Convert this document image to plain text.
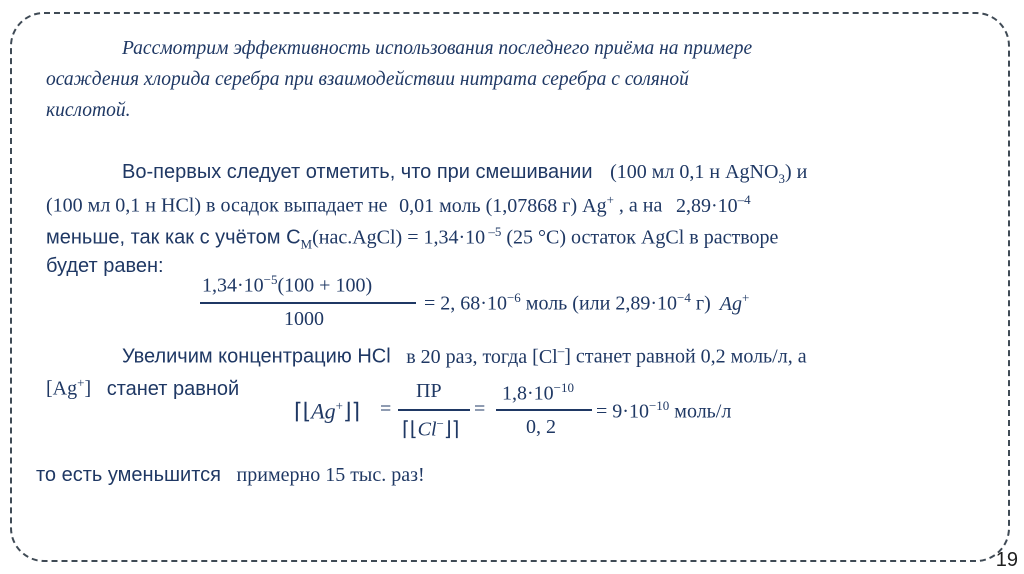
Рассмотрим эффективность использования последнего приёма на примере
осаждения хлорида серебра при взаимодействии нитрата серебра с соляной
кислотой.
Во-первых следует отметить, что при смешивании (100 мл 0,1 н AgNO$_3$) и
(100 мл 0,1 н HCl) в осадок выпадает не 0,01 моль (1,07868 г) Ag+ , а на $2,89\cdot 10^{-4}$
меньше, так как с учётом $C_M(нас.AgCl) = 1,34\cdot 10$ $^{-5}$ (25 °C) остаток AgCl в растворе
будет равен:
$1,34\cdot 10^{-5}(100 + 100)$
1000
= 2, $68\cdot 10^{-6}$ моль (или $2,89\cdot 10^{-4}$ г) Ag+
Увеличим концентрацию HCl в 20 раз, тогда [Cl–] станет равной 0,2 моль/л, а
[Ag+] станет равной
⌈⌊Ag+⌋⌉ =
ПР
⌈⌊Cl−⌋⌉
=
$1,8\cdot 10^{-10}$
0, 2
= $9\cdot 10^{-10}$ моль/л
то есть уменьшится примерно 15 тыс. раз!
19
